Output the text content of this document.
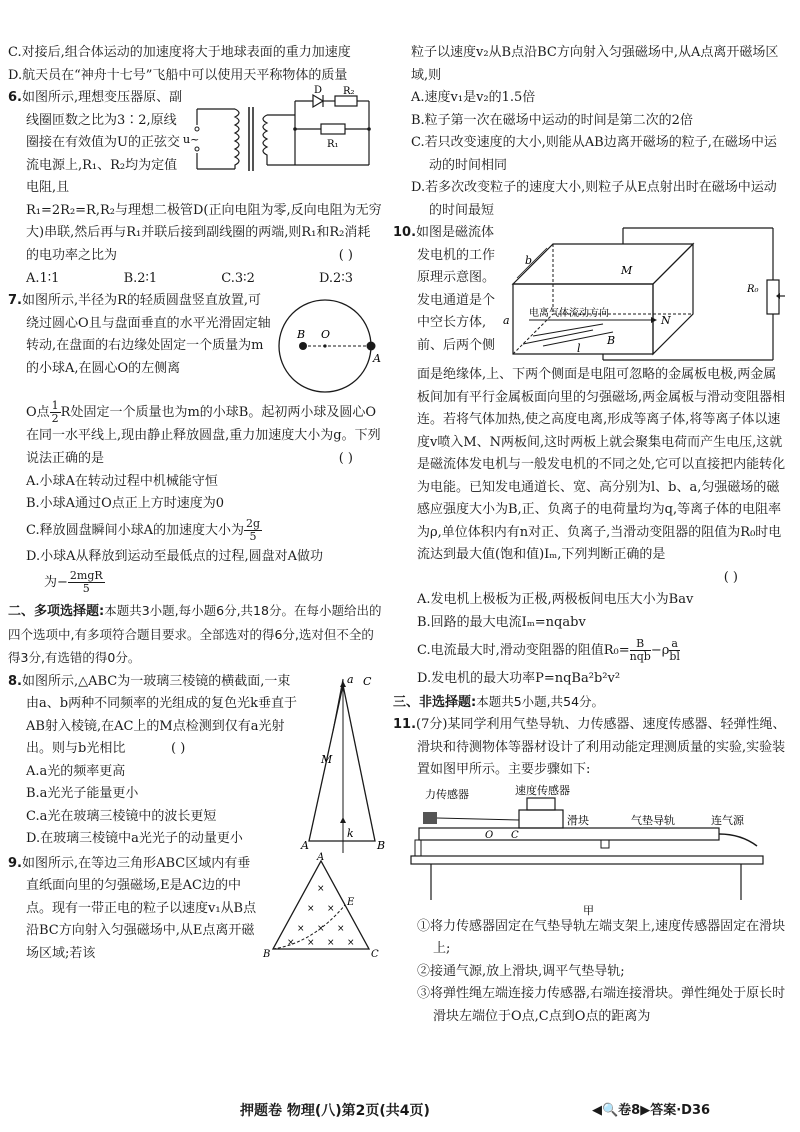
C.对接后,组合体运动的加速度将大于地球表面的重力加速度

D.航天员在“神舟十七号”飞船中可以使用天平称物体的质量

u~
D R₂
R₁

6.如图所示,理想变压器原、副线圈匝数之比为3∶2,原线圈接在有效值为U的正弦交流电源上,R₁、R₂均为定值电阻,且

R₁=2R₂=R,R₂与理想二极管D(正向电阻为零,反向电阻为无穷大)串联,然后再与R₁并联后接到副线圈的两端,则R₁和R₂消耗的电功率之比为	( )

A.1∶1	B.2∶1	C.3∶2	D.2∶3
B O
A

7.如图所示,半径为R的轻质圆盘竖直放置,可绕过圆心O且与盘面垂直的水平光滑固定轴转动,在盘面的右边缘处固定一个质量为m的小球A,在圆心O的左侧离

O点 $\frac{1}{2}$ R处固定一个质量也为m的小球B。起初两小球及圆心O在同一水平线上,现由静止释放圆盘,重力加速度大小为g。下列说法正确的是	( )

A.小球A在转动过程中机械能守恒

B.小球A通过O点正上方时速度为0

C.释放圆盘瞬间小球A的加速度大小为 $\frac{2g}{5}$

D.小球A从释放到运动至最低点的过程,圆盘对A做功

为− $\frac{\text{2mgR}}{5}$

二、多项选择题:本题共3小题,每小题6分,共18分。在每小题给出的四个选项中,有多项符合题目要求。全部选对的得6分,选对但不全的得3分,有选错的得0分。

a C
M
A	B
k

8.如图所示,△ABC为一玻璃三棱镜的横截面,一束由a、b两种不同频率的光组成的复色光k垂直于AB射入棱镜,在AC上的M点检测到仅有a光射出。则与b光相比	( )

A.a光的频率更高

B.a光光子能量更小

C.a光在玻璃三棱镜中的波长更短

D.在玻璃三棱镜中a光光子的动量更小

A
B	C
E
×
× ×
× × ×
× × × ×

9.如图所示,在等边三角形ABC区域内有垂直纸面向里的匀强磁场,E是AC边的中点。现有一带正电的粒子以速度v₁从B点沿BC方向射入匀强磁场中,从E点离开磁场区域;若该

粒子以速度v₂从B点沿BC方向射入匀强磁场中,从A点离开磁场区域,则

A.速度v₁是v₂的1.5倍

B.粒子第一次在磁场中运动的时间是第二次的2倍

C.若只改变速度的大小,则能从AB边离开磁场的粒子,在磁场中运动的时间相同

D.若多次改变粒子的速度大小,则粒子从E点射出时在磁场中运动的时间最短

R₀
b
M
a
电离气体流动方向
N
B
l

10.如图是磁流体发电机的工作原理示意图。发电通道是个中空长方体,前、后两个侧

面是绝缘体,上、下两个侧面是电阻可忽略的金属板电极,两金属板间加有平行金属板面向里的匀强磁场,两金属板与滑动变阻器相连。若将气体加热,使之高度电离,形成等离子体,将等离子体以速度v喷入M、N两板间,这时两板上就会聚集电荷而产生电压,这就是磁流体发电机与一般发电机的不同之处,它可以直接把内能转化为电能。已知发电通道长、宽、高分别为l、b、a,匀强磁场的磁感应强度大小为B,正、负离子的电荷量均为q,等离子体的电阻率为ρ,单位体积内有n对正、负离子,当滑动变阻器的阻值为R₀时电流达到最大值(饱和值)Iₘ,下列判断正确的是

( )

A.发电机上极板为正极,两极板间电压大小为Bav

B.回路的最大电流Iₘ=nqabv

C.电流最大时,滑动变阻器的阻值$R_0= \frac{B}{\text{nqb}} -\rho \frac{a}{bl}$

D.发电机的最大功率P=nqBa²b²v²

三、非选择题:本题共5小题,共54分。

11.(7分)某同学利用气垫导轨、力传感器、速度传感器、轻弹性绳、滑块和待测物体等器材设计了利用动能定理测质量的实验,实验装置如图甲所示。主要步骤如下:

力传感器	速度传感器
滑块	气垫导轨	连气源
O C
甲

①将力传感器固定在气垫导轨左端支架上,速度传感器固定在滑块上;

②接通气源,放上滑块,调平气垫导轨;

③将弹性绳左端连接力传感器,右端连接滑块。弹性绳处于原长时滑块左端位于O点,C点到O点的距离为

押题卷 物理(八)第2页(共4页)	◀🔍卷8▶答案·D36
